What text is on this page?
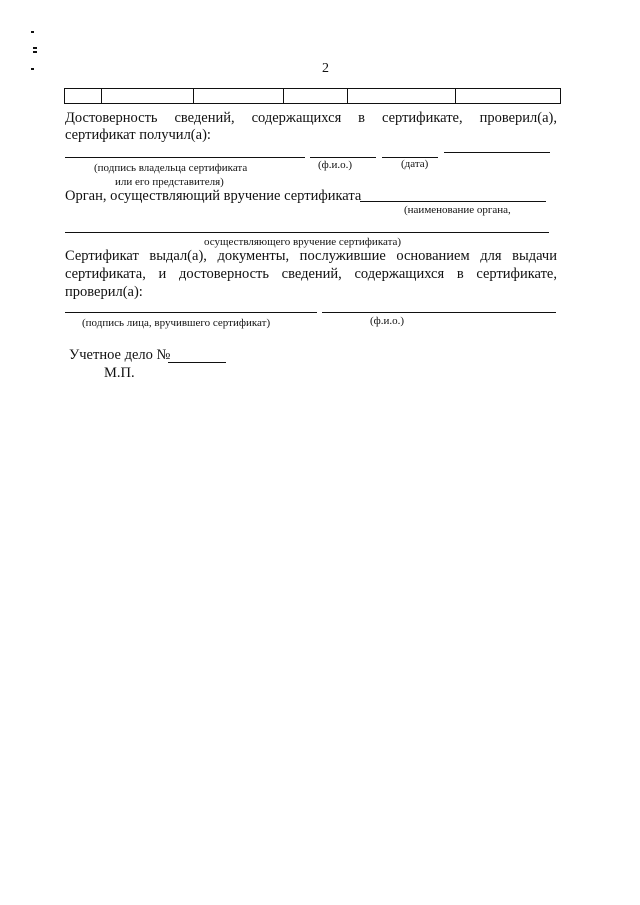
2
Достоверность сведений, содержащихся в сертификате, проверил(а),
сертификат получил(а):
(подпись владельца сертификата
или его представителя)
(ф.и.о.)	(дата)
Орган, осуществляющий вручение сертификата
(наименование органа,
осуществляющего вручение сертификата)
Сертификат выдал(а), документы, послужившие основанием для выдачи
сертификата, и достоверность сведений, содержащихся в сертификате,
проверил(а):
(подпись лица, вручившего сертификат)	(ф.и.о.)
Учетное дело №
М.П.
